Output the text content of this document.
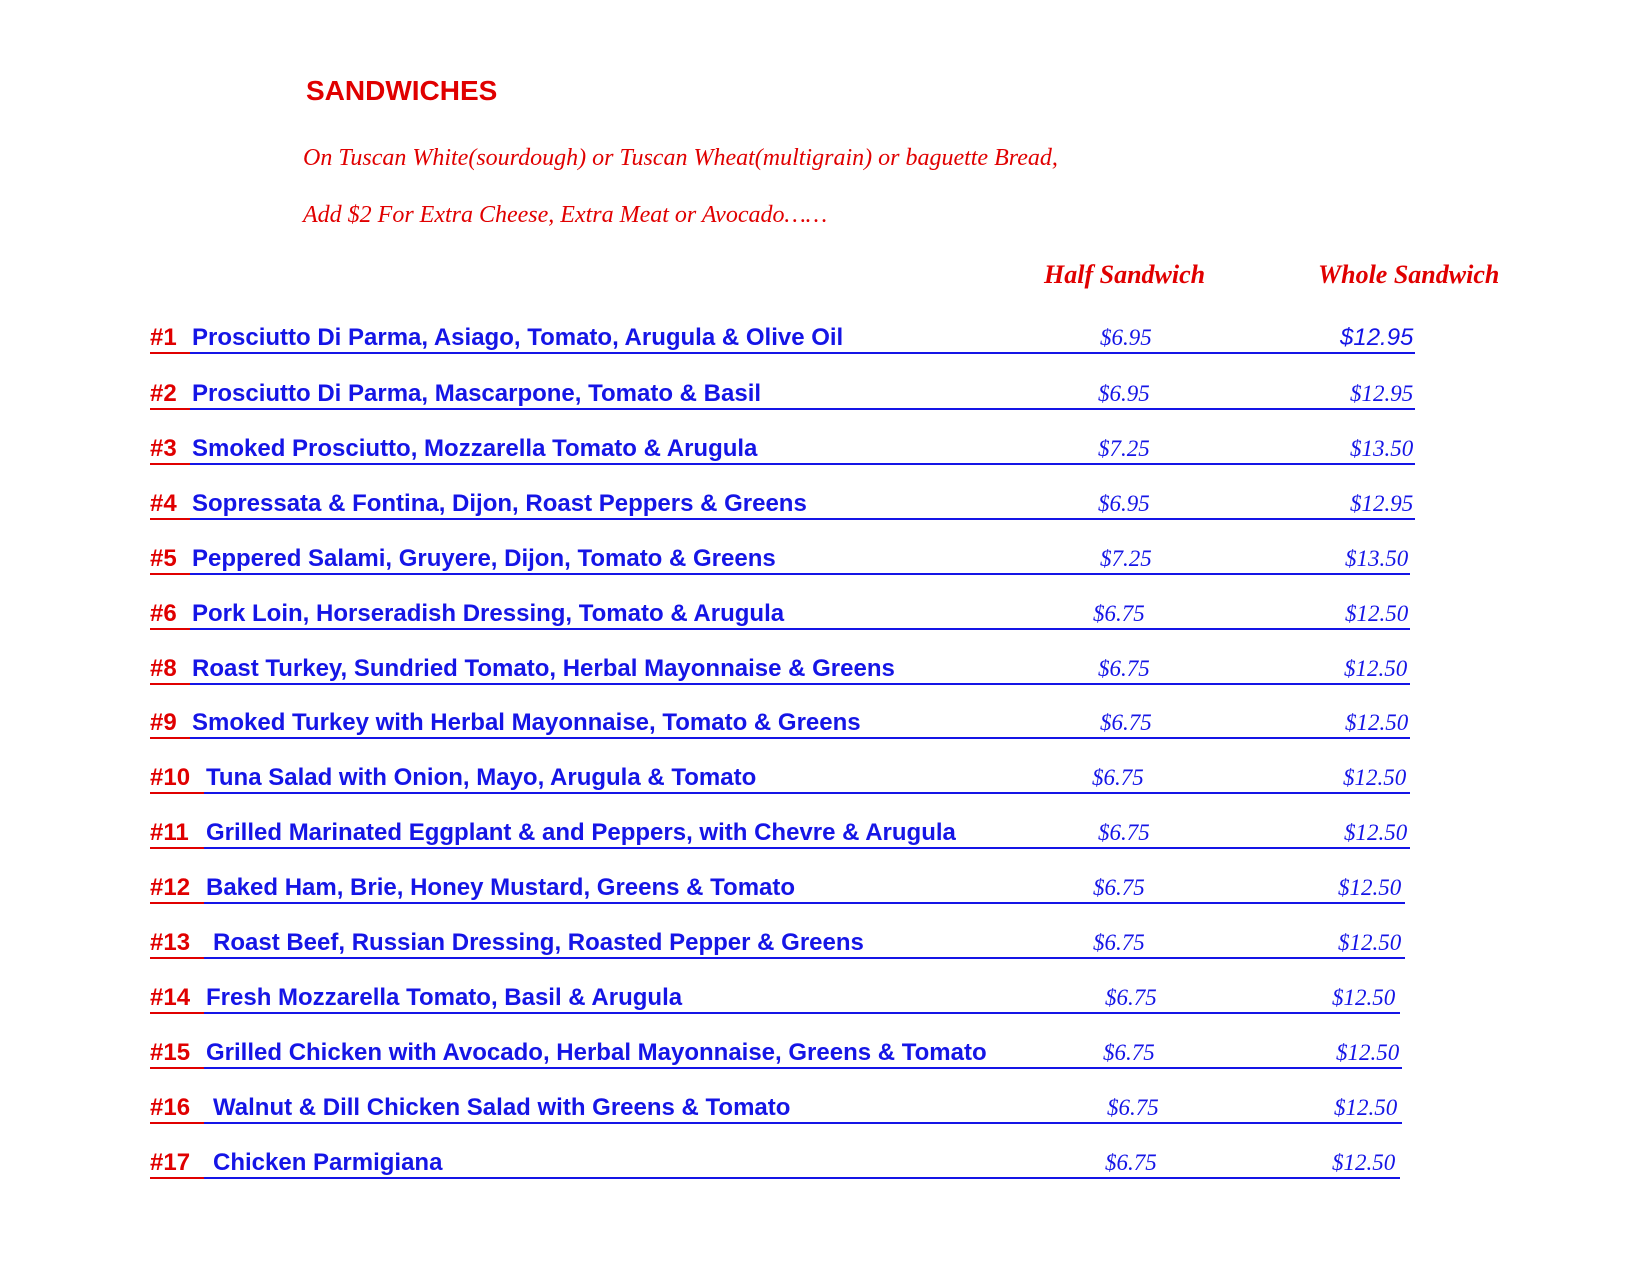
SANDWICHES

On Tuscan White(sourdough) or Tuscan Wheat(multigrain) or baguette Bread,

Add $2 For Extra Cheese, Extra Meat or Avocado……

Half Sandwich	Whole Sandwich
#1 Prosciutto Di Parma, Asiago, Tomato, Arugula & Olive Oil	$6.95	$12.95
#2 Prosciutto Di Parma, Mascarpone, Tomato & Basil	$6.95	$12.95
#3 Smoked Prosciutto, Mozzarella Tomato & Arugula	$7.25	$13.50
#4 Sopressata & Fontina, Dijon, Roast Peppers & Greens	$6.95	$12.95
#5 Peppered Salami, Gruyere, Dijon, Tomato & Greens	$7.25	$13.50
#6 Pork Loin, Horseradish Dressing, Tomato & Arugula	$6.75	$12.50
#8 Roast Turkey, Sundried Tomato, Herbal Mayonnaise & Greens	$6.75	$12.50
#9 Smoked Turkey with Herbal Mayonnaise, Tomato & Greens	$6.75	$12.50
#10 Tuna Salad with Onion, Mayo, Arugula & Tomato	$6.75	$12.50
#11 Grilled Marinated Eggplant & and Peppers, with Chevre & Arugula	$6.75	$12.50
#12 Baked Ham, Brie, Honey Mustard, Greens & Tomato	$6.75	$12.50
#13 Roast Beef, Russian Dressing, Roasted Pepper & Greens	$6.75	$12.50
#14 Fresh Mozzarella Tomato, Basil & Arugula	$6.75	$12.50
#15 Grilled Chicken with Avocado, Herbal Mayonnaise, Greens & Tomato	$6.75	$12.50
#16 Walnut & Dill Chicken Salad with Greens & Tomato	$6.75	$12.50
#17 Chicken Parmigiana	$6.75	$12.50
